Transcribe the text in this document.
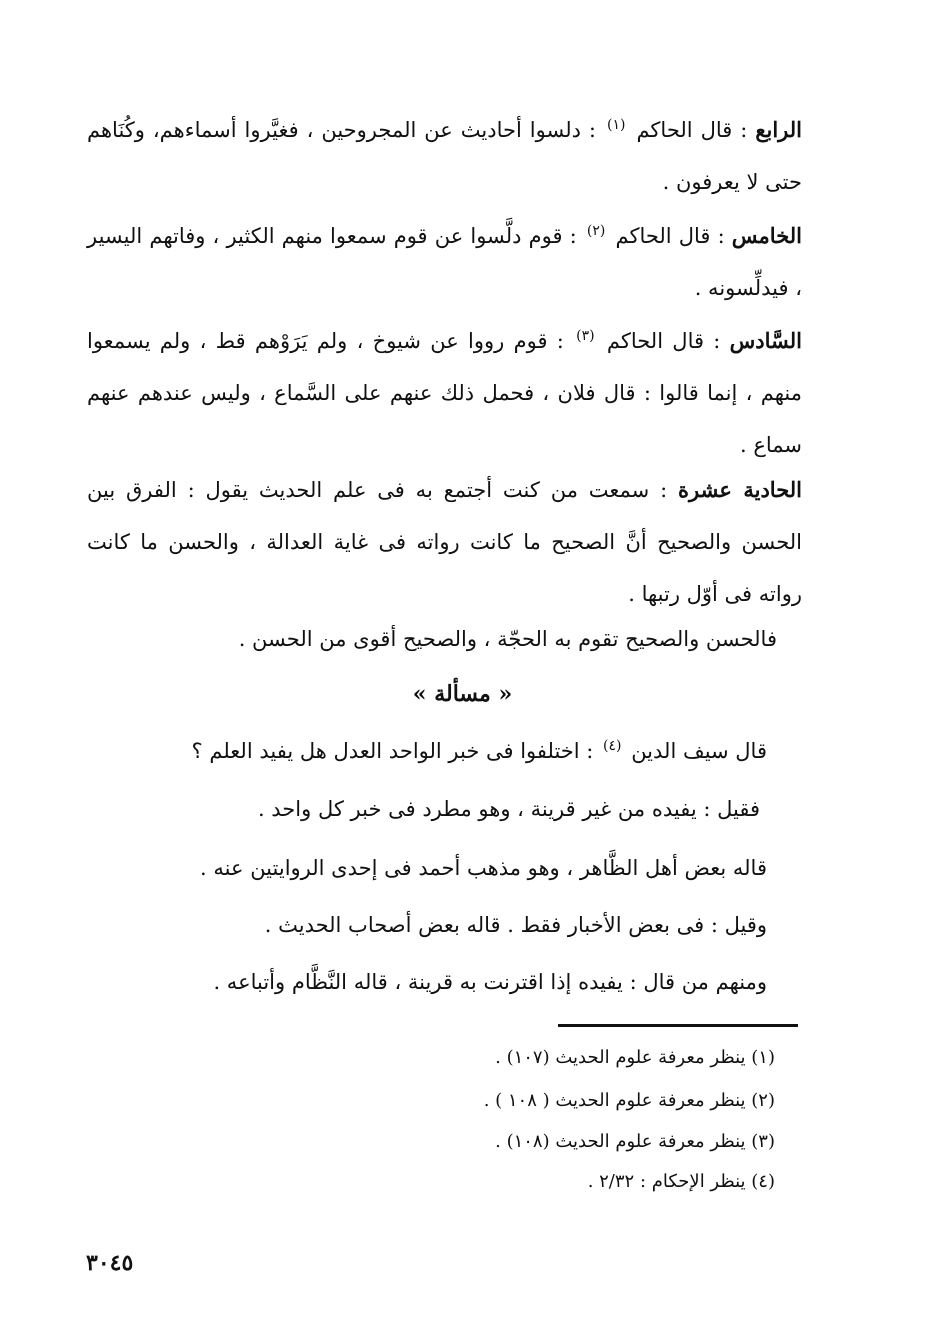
الرابع : قال الحاكم $^{(١)}$ : دلسوا أحاديث عن المجروحين ، فغيَّروا أسماءهم، وكُنَاهم حتى لا يعرفون .
الخامس : قال الحاكم $^{(٢)}$ : قوم دلَّسوا عن قوم سمعوا منهم الكثير ، وفاتهم اليسير ، فيدلِّسونه .
السَّادس : قال الحاكم $^{(٣)}$ : قوم رووا عن شيوخ ، ولم يَرَوْهم قط ، ولم يسمعوا منهم ، إنما قالوا : قال فلان ، فحمل ذلك عنهم على السَّماع ، وليس عندهم عنهم سماع .
الحادية عشرة : سمعت من كنت أجتمع به فى علم الحديث يقول : الفرق بين الحسن والصحيح أنَّ الصحيح ما كانت رواته فى غاية العدالة ، والحسن ما كانت رواته فى أوّل رتبها .
فالحسن والصحيح تقوم به الحجّة ، والصحيح أقوى من الحسن .
« مسألة »
قال سيف الدين $^{(٤)}$ : اختلفوا فى خبر الواحد العدل هل يفيد العلم ؟
فقيل : يفيده من غير قرينة ، وهو مطرد فى خبر كل واحد .
قاله بعض أهل الظَّاهر ، وهو مذهب أحمد فى إحدى الروايتين عنه .
وقيل : فى بعض الأخبار فقط . قاله بعض أصحاب الحديث .
ومنهم من قال : يفيده إذا اقترنت به قرينة ، قاله النَّظَّام وأتباعه .
(١) ينظر معرفة علوم الحديث (١٠٧) .
(٢) ينظر معرفة علوم الحديث ( ١٠٨ ) .
(٣) ينظر معرفة علوم الحديث (١٠٨) .
(٤) ينظر الإحكام : ٢/٣٢ .
٣٠٤٥
